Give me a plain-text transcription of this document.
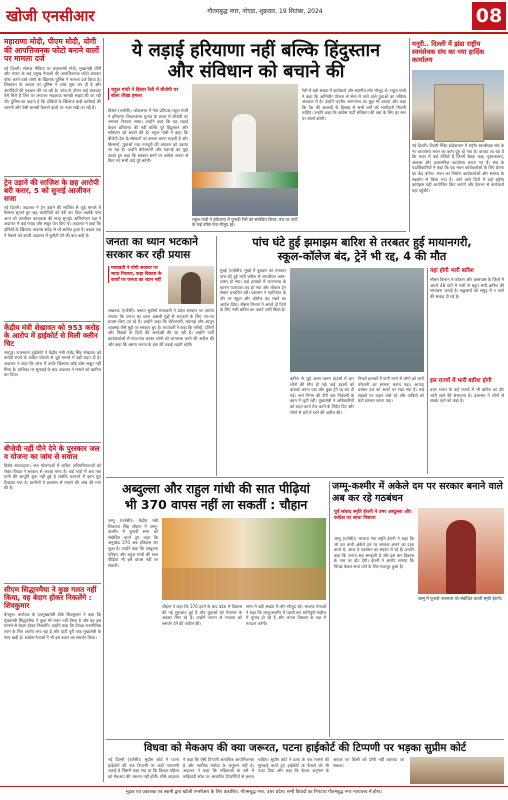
खोजी एनसीआर	गौतमबुद्ध नगर, नोएडा, शुक्रवार, 19 सितंबर, 2024	08
महाराणा मोदी, पीएम मोदी, योगी की आपत्तिजनक फोटो बनाने वालों पर मामला दर्ज
नई दिल्ली। सोशल मीडिया पर प्रधानमंत्री मोदी, मुख्यमंत्री योगी और भारत के कई प्रमुख नेताओं की आपत्तिजनक फोटो बनाकर पोस्ट करने वाले लोगों के खिलाफ पुलिस ने मामला दर्ज किया है। शिकायत के आधार पर पुलिस ने जांच शुरू कर दी है और आरोपियों की पहचान की जा रही है। जांच के दौरान कई अकाउंट ऐसे मिले हैं जिन पर लगातार भड़काऊ सामग्री साझा की जा रही थी। पुलिस का कहना है कि दोषियों के खिलाफ कड़ी कार्रवाई की जाएगी और ऐसी सामग्री फैलाने वालों पर नजर रखी जा रही है।
ट्रेन उड़ाने की साजिश के छह आरोपी बरी करार, 5 को सुनाई आजीवन सजा
नई दिल्ली। अदालत ने ट्रेन उड़ाने की साजिश से जुड़े मामले में फैसला सुनाते हुए छह आरोपियों को बरी कर दिया जबकि पांच अन्य को आजीवन कारावास की सजा सुनाई। अभियोजन पक्ष ने अदालत में कई गवाह और सबूत पेश किए थे। अदालत ने कहा कि दोषियों के खिलाफ अपराध संदेह से परे साबित हुआ है। बचाव पक्ष ने फैसले को ऊपरी अदालत में चुनौती देने की बात कही है।
केंद्रीय मंत्री शेखावत को 953 करोड़ के आरोप में हाईकोर्ट से मिली क्लीन चिट
जयपुर। राजस्थान हाईकोर्ट ने केंद्रीय मंत्री गजेंद्र सिंह शेखावत को करोड़ों रुपये के कथित घोटाले से जुड़े मामले में बड़ी राहत दी है। अदालत ने कहा कि जांच में उनके खिलाफ कोई ठोस सबूत नहीं मिला है। याचिका पर सुनवाई के बाद अदालत ने मामले को खारिज कर दिया।
बीजेपी नहीं पीने देने के पुरस्कार जल व योजना का जांच से सवाल
विशेष संवाददाता। जल योजनाओं में कथित अनियमितताओं को लेकर विपक्ष ने सरकार से जवाब मांगा है। कई गांवों में अब तक पानी की आपूर्ति शुरू नहीं हुई है जबकि कागजों में काम पूरा दिखाया गया है। ग्रामीणों ने प्रशासन से मामले की जांच की मांग की है।
सीएम सिद्धारमैया ने कुछ गलत नहीं किया, वह बेदाग होकर निकलेंगे : शिवकुमार
बेंगलुरु। कर्नाटक के उपमुख्यमंत्री डीके शिवकुमार ने कहा कि मुख्यमंत्री सिद्धारमैया ने कुछ भी गलत नहीं किया है और वह इस मामले से बेदाग होकर निकलेंगे। उन्होंने कहा कि विपक्ष राजनीतिक लाभ के लिए आरोप लगा रहा है और पार्टी पूरी तरह मुख्यमंत्री के साथ खड़ी है। कांग्रेस नेताओं ने भी इस बयान का समर्थन किया।
ये लड़ाई हरियाणा नहीं बल्कि हिंदुस्तान
और संविधान को बचाने की
राहुल गांधी ने हिसार रैली में बीजेपी पर बोला तीखा हमला
हिसार (एजेंसी)। लोकसभा में नेता प्रतिपक्ष राहुल गांधी ने हरियाणा विधानसभा चुनाव के प्रचार में बीजेपी पर जमकर निशाना साधा। उन्होंने कहा कि यह लड़ाई केवल हरियाणा की नहीं बल्कि पूरे हिंदुस्तान और संविधान को बचाने की है। राहुल गांधी ने कहा कि बीजेपी देश के संस्थानों पर कब्जा करना चाहती है और किसानों, युवाओं तथा मजदूरों की आवाज को दबाया जा रहा है। उन्होंने बेरोजगारी और महंगाई का मुद्दा उठाते हुए कहा कि सरकार बनने पर कांग्रेस जनता से किए गए सभी वादे पूरे करेगी।
राहुल गांधी ने हरियाणा में चुनावी रैली को संबोधित किया। मंच पर पार्टी के कई वरिष्ठ नेता मौजूद रहे।
रैली में बड़ी संख्या में कार्यकर्ता और स्थानीय लोग मौजूद थे। राहुल गांधी ने कहा कि अग्निवीर योजना से सेना में जाने वाले युवाओं का भविष्य अंधकार में है। उन्होंने जातीय जनगणना का मुद्दा भी उठाया और कहा कि देश की आबादी के हिसाब से सभी वर्गों को भागीदारी मिलनी चाहिए। उन्होंने कहा कि कांग्रेस पार्टी संविधान की रक्षा के लिए हर स्तर पर संघर्ष करेगी।
मनूरी.. दिल्ली में झंडा राष्ट्रीय स्वयंसेवक संघ का नया हार्दिक कार्यालय
नई दिल्ली। दिल्ली स्थित झंडेवालान में राष्ट्रीय स्वयंसेवक संघ के नए कार्यालय भवन का काम पूरा हो गया है। बताया जा रहा है कि भवन में कई मंजिलें हैं जिनमें बैठक कक्ष, पुस्तकालय, आवास और प्रशासनिक कार्यालय बनाए गए हैं। संघ के पदाधिकारियों ने कहा कि यह भवन कार्यकर्ताओं के लिए प्रेरणा का केंद्र बनेगा। भवन का निर्माण कार्यकर्ताओं और समाज के सहयोग से किया गया है। आने वाले दिनों में कई राष्ट्रीय कार्यक्रम यहीं आयोजित किए जाएंगे और देशभर से कार्यकर्ता यहां पहुंचेंगे।
जनता का ध्यान भटकाने सरकार कर रही प्रयास
मायावती ने योगी सरकार पर साधा निशाना, कहा विकास के कार्यों पर जनता का ध्यान नहीं
लखनऊ (एजेंसी)। बसपा सुप्रीमो मायावती ने प्रदेश सरकार पर आरोप लगाया कि जनता का ध्यान असली मुद्दों से भटकाने के लिए नए-नए प्रयास किए जा रहे हैं। उन्होंने कहा कि बेरोजगारी, महंगाई और कानून व्यवस्था जैसे मुद्दों पर सरकार चुप है। मायावती ने कहा कि गरीबों, दलितों और पिछड़ों के हितों की अनदेखी की जा रही है। उन्होंने पार्टी कार्यकर्ताओं से गांव-गांव जाकर लोगों को जागरूक करने की अपील की और कहा कि बसपा जनता के हक की लड़ाई लड़ती रहेगी।
पांच घंटे हुई झमाझम बारिश से तरबतर हुई मायानगरी,
स्कूल-कॉलेज बंद, ट्रेनें भी रद्द, 4 की मौत
मुंबई (एजेंसी)। मुंबई में बुधवार को लगातार पांच घंटे हुई भारी बारिश से जनजीवन अस्त-व्यस्त हो गया। कई इलाकों में जलभराव के कारण यातायात ठप हो गया और लोकल ट्रेन सेवाएं प्रभावित रहीं। प्रशासन ने एहतियात के तौर पर स्कूल और कॉलेज बंद रखने का आदेश दिया। मौसम विभाग ने अगले दो दिनों के लिए भारी बारिश का अलर्ट जारी किया है।
बारिश से जुड़े अलग-अलग हादसों में चार लोगों की मौत हो गई। कई उड़ानों को डायवर्ट करना पड़ा और कुछ ट्रेनें रद्द कर दी गईं। नगर निगम की टीमें जल निकासी के काम में जुटी रहीं। मुख्यमंत्री ने अधिकारियों को राहत कार्य तेज करने के निर्देश दिए और लोगों से घरों में रहने की अपील की।
निचले इलाकों में पानी भरने से लोगों को भारी परेशानी का सामना करना पड़ा। आपदा प्रबंधन दल को अलर्ट पर रखा गया है। कई सड़कों पर वाहन फंसे रहे और यात्रियों को घंटों इंतजार करना पड़ा।
यहां होगी भारी बारिश
मौसम विभाग ने कोंकण और आसपास के जिलों में अगले 48 घंटों में भारी से बहुत भारी बारिश की संभावना जताई है। मछुआरों को समुद्र में न जाने की सलाह दी गई है।
इस राज्यों में भारी बारिश होगी
उत्तर भारत के कई राज्यों में भी बारिश का दौर जारी रहने की संभावना है। प्रशासन ने लोगों से सतर्क रहने को कहा है।
अब्दुल्ला और राहुल गांधी की सात पीढ़ियां
भी 370 वापस नहीं ला सकतीं : चौहान
जम्मू (एजेंसी)। केंद्रीय मंत्री शिवराज सिंह चौहान ने जम्मू-कश्मीर में चुनावी सभा को संबोधित करते हुए कहा कि अनुच्छेद 370 अब इतिहास बन चुका है। उन्होंने कहा कि अब्दुल्ला परिवार और राहुल गांधी की सात पीढ़ियां भी इसे वापस नहीं ला सकतीं।
चौहान ने कहा कि 370 हटने के बाद प्रदेश में विकास की नई शुरुआत हुई है और युवाओं को रोजगार के अवसर मिल रहे हैं। उन्होंने जनता से भाजपा को समर्थन देने की अपील की।
सभा में बड़ी संख्या में लोग मौजूद रहे। भाजपा नेताओं ने कहा कि जम्मू-कश्मीर में पहली बार शांतिपूर्ण माहौल में चुनाव हो रहे हैं और जनता विकास के पक्ष में मतदान करेगी।
जम्मू-कश्मीर में अकेले दम पर सरकार बनाने वाले अब कर रहे गठबंधन
पूर्व सांसद स्मृति ईरानी ने उमर अब्दुल्ला और कांग्रेस पर साधा निशाना
जम्मू में चुनावी जनसभा को संबोधित करतीं स्मृति ईरानी।
जम्मू (एजेंसी)। भाजपा नेता स्मृति ईरानी ने कहा कि जो दल कभी अकेले दम पर सरकार बनाने का दावा करते थे, आज वे गठबंधन का सहारा ले रहे हैं। उन्होंने कहा कि जनता सब समझती है और इस बार विकास के नाम पर वोट देगी। ईरानी ने आरोप लगाया कि विपक्ष केवल सत्ता पाने के लिए एकजुट हुआ है।
विधवा को मेकअप की क्या जरूरत, पटना हाईकोर्ट की टिप्पणी पर भड़का सुप्रीम कोर्ट
नई दिल्ली (एजेंसी)। सुप्रीम कोर्ट ने पटना हाईकोर्ट की एक टिप्पणी पर कड़ी नाराजगी जताई है जिसमें कहा गया था कि विधवा महिला को मेकअप की जरूरत नहीं होती। शीर्ष अदालत ने कहा कि ऐसी टिप्पणी अत्यधिक आपत्तिजनक है और न्यायिक मर्यादा के अनुरूप नहीं है। अदालत ने कहा कि महिलाओं के बारे में रूढ़िवादी सोच पर आधारित टिप्पणियों से बचना चाहिए। सुप्रीम कोर्ट ने हत्या के एक मामले की सुनवाई करते हुए हाईकोर्ट के फैसले को भी पलट दिया और कहा कि केवल अनुमान के आधार पर किसी को दोषी नहीं ठहराया जा सकता।
मुद्रक एवं प्रकाशक एवं स्वामी द्वारा खोजी एनसीआर के लिए प्रकाशित, गौतमबुद्ध नगर, उत्तर प्रदेश। सभी विवादों का निपटारा गौतमबुद्ध नगर न्यायालय में होगा।
